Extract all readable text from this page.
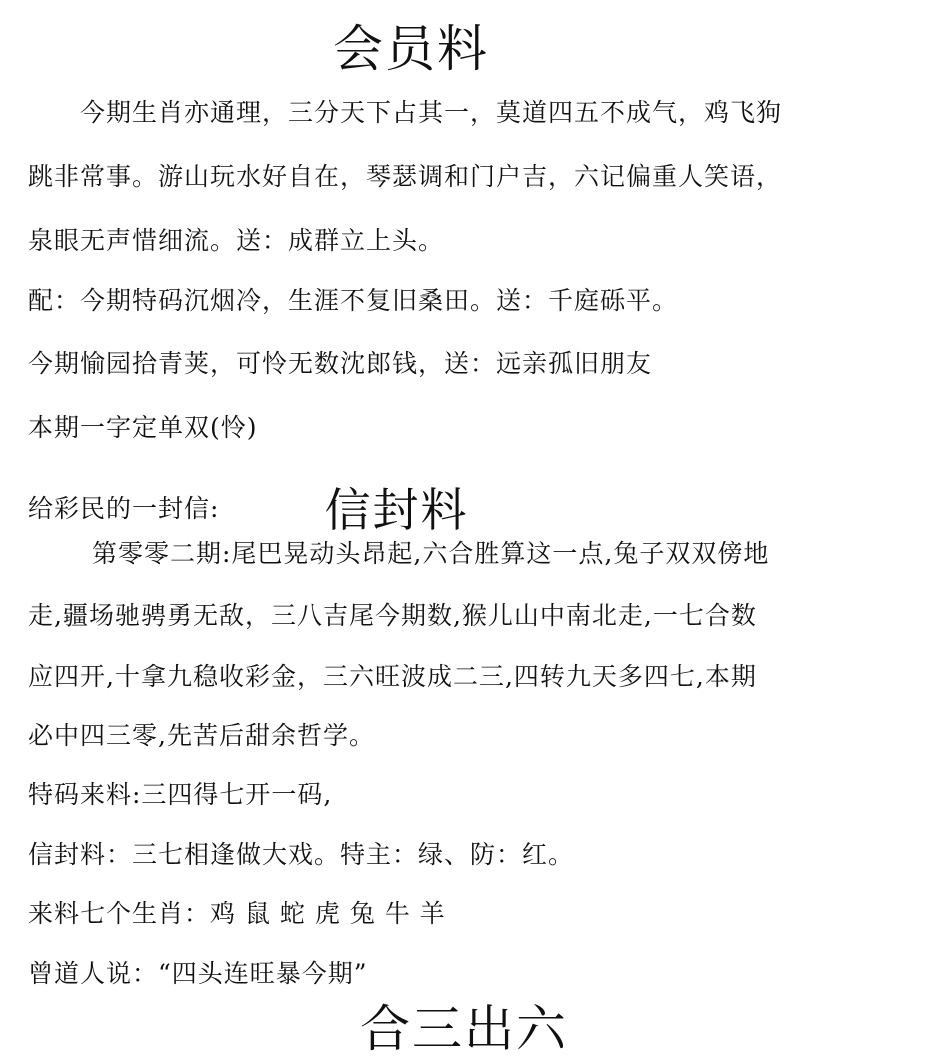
会员料
今期生肖亦通理，三分天下占其一，莫道四五不成气，鸡飞狗
跳非常事。游山玩水好自在，琴瑟调和门户吉，六记偏重人笑语，
泉眼无声惜细流。送：成群立上头。
配：今期特码沉烟冷，生涯不复旧桑田。送：千庭砾平。
今期愉园拾青荚，可怜无数沈郎钱，送：远亲孤旧朋友
本期一字定单双(怜)
给彩民的一封信: 信封料
第零零二期:尾巴晃动头昂起,六合胜算这一点,兔子双双傍地
走,疆场驰骋勇无敌，三八吉尾今期数,猴儿山中南北走,一七合数
应四开,十拿九稳收彩金，三六旺波成二三,四转九天多四七,本期
必中四三零,先苦后甜余哲学。
特码来料:三四得七开一码,
信封料：三七相逢做大戏。特主：绿、防：红。
来料七个生肖：鸡 鼠 蛇 虎 兔 牛 羊
曾道人说：“四头连旺暴今期”
合三出六
